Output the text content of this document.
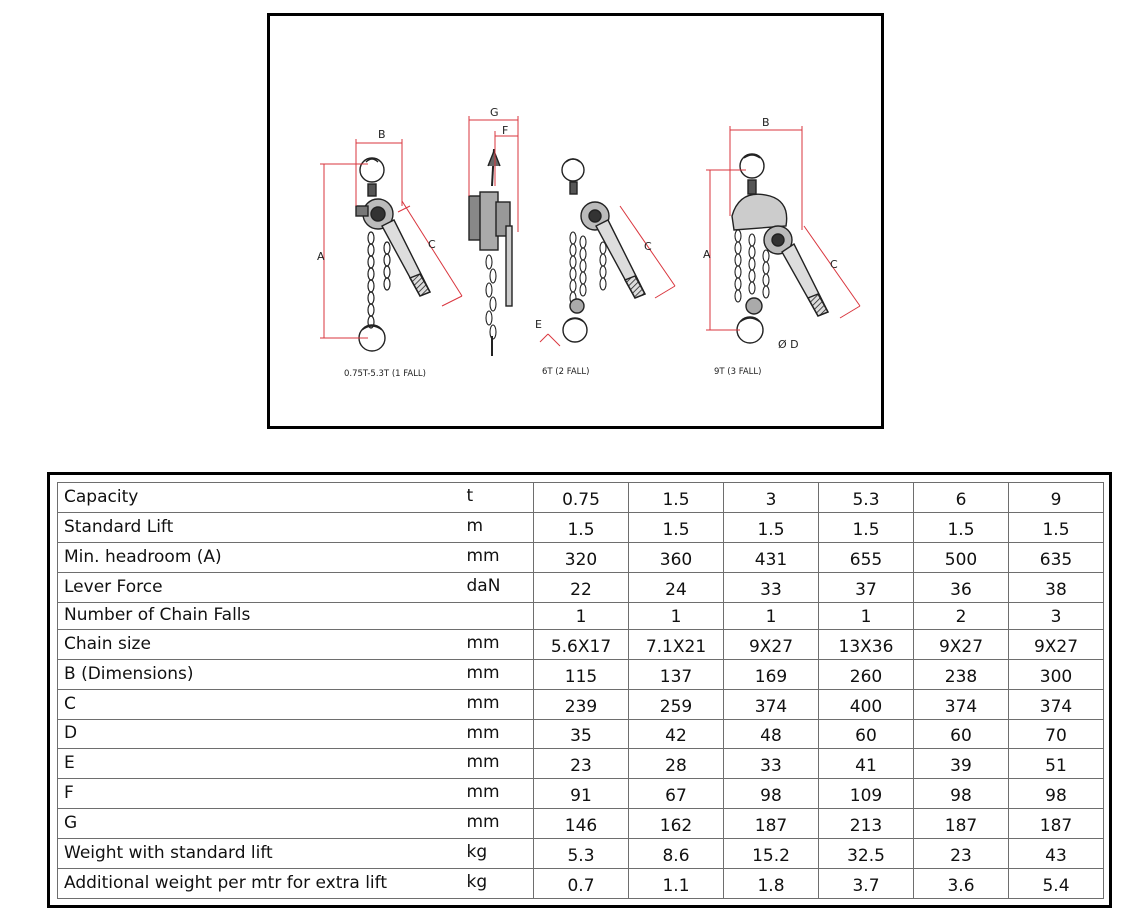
B
A
C
G
F
C
E
B
A
C
Ø D
0.75T-5.3T (1 FALL)	6T (2 FALL)	9T (3 FALL)
Capacity	t	0.75	1.5	3	5.3	6	9
Standard Lift	m	1.5	1.5	1.5	1.5	1.5	1.5
Min. headroom (A)	mm	320	360	431	655	500	635
Lever Force	daN	22	24	33	37	36	38
Number of Chain Falls		1	1	1	1	2	3
Chain size	mm	5.6X17	7.1X21	9X27	13X36	9X27	9X27
B (Dimensions)	mm	115	137	169	260	238	300
C	mm	239	259	374	400	374	374
D	mm	35	42	48	60	60	70
E	mm	23	28	33	41	39	51
F	mm	91	67	98	109	98	98
G	mm	146	162	187	213	187	187
Weight with standard lift	kg	5.3	8.6	15.2	32.5	23	43
Additional weight per mtr for extra lift	kg	0.7	1.1	1.8	3.7	3.6	5.4
